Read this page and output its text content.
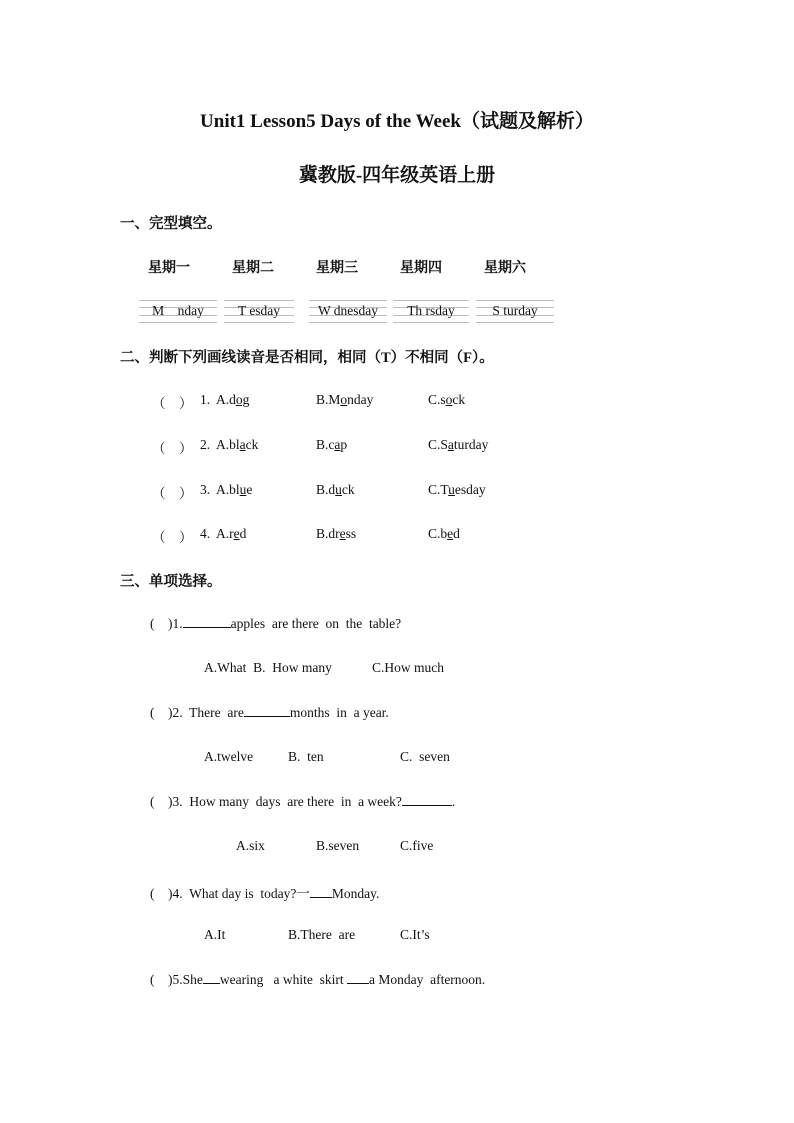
Unit1 Lesson5 Days of the Week（试题及解析）
冀教版-四年级英语上册
一、完型填空。
星期一	星期二	星期三	星期四	星期六
M    nday	T esday	W dnesday	Th rsday	S turday
二、判断下列画线读音是否相同，相同（T）不相同（F）。
（    ） 1. A.dog	B.Monday	C.sock
（    ） 2. A.black	B.cap	C.Saturday
（    ） 3. A.blue	B.duck	C.Tuesday
（    ） 4. A.red	B.dress	C.bed
三、单项选择。
(    )1.	apples  are there  on  the  table?
A.What  B.  How many	C.How much
(    )2.  There  are	months  in  a year.
A.twelve	B.  ten	C.  seven
(    )3.  How many  days  are there  in  a week?	.
A.six	B.seven	C.five
(    )4.  What day is  today?一 Monday.
A.It	B.There  are	C.It’s
(    )5.She wearing   a white  skirt a Monday  afternoon.
